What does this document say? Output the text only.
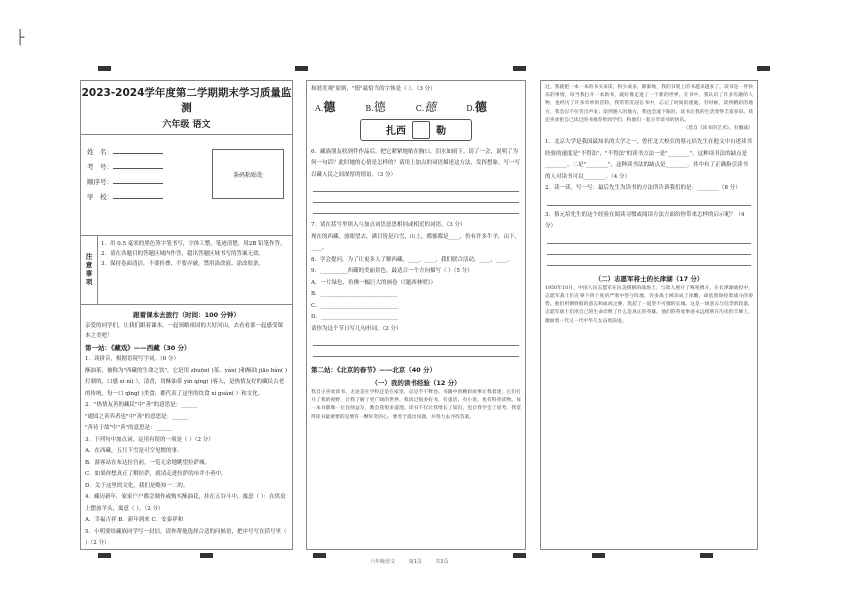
├
2023-2024学年度第二学期期末学习质量监测
六年级 语文
姓　名：
考　号：
顺序号：
学　校：
条码粘贴处
注意事项
1．用 0.5 毫米的黑色签字笔书写，字体工整，笔迹清楚，用2B 铅笔作答。
2．请在各题目的答题区域内作答，超出答题区域书写的答案无效。
3．保持卷面清洁，不要折叠，不要弄破，禁用涂改液、涂改胶条。
跟着课本去旅行（时间：100 分钟）
亲爱的同学们，让我们跟着课本，一起领略祖国的大好河山，去看看那一起感受课本之美吧！
第一站：《藏戏》——西藏（30 分）
1．读拼音，根据语境写字词。（6 分）
酥油茶，被称为"西藏的生命之饮"，它是用 zhuōn( )茶、yán( )和酥油 jiāo bàn( )打制的，口感 xì nì( ），清香，用酥油茶 yìn qíng( )客人，是热情友好的藏民古老的传统。每一口 qīng( )美食，都代表了这里的饮食 xí guàn( ）和文化。
2．"热情友善的藏民"中"善"的意思是：______
"通国之善弈者也"中"善"的意思是：______
"善待于故"中"善"的意思是：______
3．下列句中加点词，运用有误的一项是（ ）（2 分）
A．在西藏，五月下雪是可空见惯的事。
B．游客站在布达拉宫前，一览无余地眺望拉萨城。
C．如果你想真正了解拉萨，就请走进拉萨的市井小巷中。
D．关于这里的文化，我们是略知一二的。
4．藏历新年，家家户户都会制作或购买酥油花，挂在五谷斗中，寓意（ ）：在供桌上摆放羊头，寓意（ ）。（2 分）
A．幸福吉祥 B．新年到来 C．安泰祥和
5．小明要给藏族同学写一封信，请你帮他选择合适的问候语，把序号写在括号里（ ）（2 分）
和谐美观"原则，"德"最恰当的字体是（ ）。（3 分）
A.德	B.德	C.德	D.德
扎西	勒
6．藏族朋友收到件作品后，把它紧紧地贴在胸口，泪水如雨下。请了一会，说明了为何一句话？此时她的心情是怎样的？请用上加点的词语描述这方法，发挥想象，写一写以藏人民之间深厚的情谊。（3 分）
7．请在括号里填入与加点词语意思相同或相近的词语。（3 分）
现在的西藏，放眼望去，满目皆是白雪，山上，都郁都是____，仍有许多牛羊，山下，____。
8．学会提问，为了让更多人了解西藏，____，____，我们联合活动，____，____。
9．__________西藏的美丽景色，最适合一个方向描写（ ）（5 分）
A．一片绿色，仿佛一幅巨大的画卷（《题西林壁》）
B．____________________________
C．____________________________
D．____________________________
请你为这个节日写几句串词。（2 分）
第二站：《北京的春节》——北京（40 分）
（一）我的读书经验（12 分）
我自小喜欢读书，无论是在学校还是在家里，总是手不释卷。书籍中的精彩故事让我着迷，它们打开了我的视野，让我了解了更广阔的世界。我读过很多好书，有童话，有小说，也有科普读物。每一本书都像一位良师益友，教会我很多道理。读书不仅让我增长了知识，也让我学会了思考。我觉得读书最重要的是要有一颗好奇的心，要善于提出问题，并努力去寻找答案。
过，我就把一本一本的书买来读，积少成多，渐渐地，我的书架上的书越来越多了。读书是一件快乐的事情，每当我打开一本新书，就好像走进了一个新的世界。在书中，我认识了许多有趣的人物，也经历了许多奇妙的冒险。我常常沉浸在书中，忘记了时间的流逝。有时候，读到精彩的地方，我会忍不住笑出声来；读到感人的地方，我也会流下眼泪。读书让我的生活变得丰富多彩。我还喜欢把自己读过的书推荐给同学们，和他们一起分享读书的快乐。
（选自《读书的艺术》，有删减）
1．北京大学是我国最知名的大学之一，曾任北大校长的蔡元培先生在他文中自述读书经验的速度是"不得法"，"不得法"的读书方法一是"________"，这种读书法的缺点是________。二是"________"，这种读书法的缺点是________。其中有了正确指引读书的人对读书可以________。（4 分）
2．读一读，写一写：最后先生为读书的方法所告诉我们的是：________（8 分）
3．蔡元培先生的这个经验在阅读习惯或阅读方法方面给你带来怎样的启示呢？（4 分）
（二）志愿军将士的长津湖（17 分）
1950年10月，中国人民志愿军在抗美援朝的战场上，与敌人展开了殊死搏斗。在长津湖战役中，志愿军战士们在零下四十度的严寒中坚守阵地，许多战士被冻成了冰雕，却依然保持着战斗的姿势。他们用钢铁般的意志和血肉之躯，筑起了一道坚不可摧的长城。这是一场意志与信念的较量，志愿军战士们用自己的生命诠释了什么是真正的英雄。他们的英勇事迹永远铭刻在历史的丰碑上，激励着一代又一代中华儿女奋勇前进。
六年级语文	第1页	共2页
